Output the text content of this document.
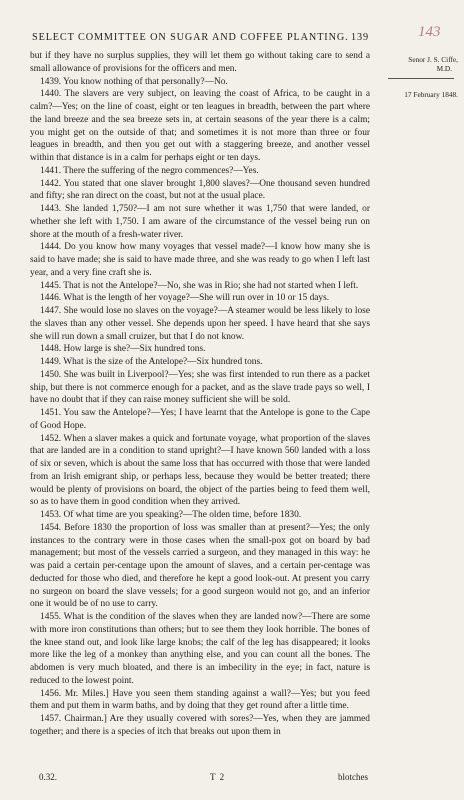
SELECT COMMITTEE ON SUGAR AND COFFEE PLANTING. 139	143
Senor J. S. Ciffe,

M.D.
17 February 1848.

but if they have no surplus supplies, they will let them go without taking care to send a small allowance of provisions for the officers and men.

1439. You know nothing of that personally?—No.

1440. The slavers are very subject, on leaving the coast of Africa, to be caught in a calm?—Yes; on the line of coast, eight or ten leagues in breadth, between the part where the land breeze and the sea breeze sets in, at certain seasons of the year there is a calm; you might get on the outside of that; and sometimes it is not more than three or four leagues in breadth, and then you get out with a staggering breeze, and another vessel within that distance is in a calm for perhaps eight or ten days.

1441. There the suffering of the negro commences?—Yes.

1442. You stated that one slaver brought 1,800 slaves?—One thousand seven hundred and fifty; she ran direct on the coast, but not at the usual place.

1443. She landed 1,750?—I am not sure whether it was 1,750 that were landed, or whether she left with 1,750. I am aware of the circumstance of the vessel being run on shore at the mouth of a fresh-water river.

1444. Do you know how many voyages that vessel made?—I know how many she is said to have made; she is said to have made three, and she was ready to go when I left last year, and a very fine craft she is.

1445. That is not the Antelope?—No, she was in Rio; she had not started when I left.

1446. What is the length of her voyage?—She will run over in 10 or 15 days.

1447. She would lose no slaves on the voyage?—A steamer would be less likely to lose the slaves than any other vessel. She depends upon her speed. I have heard that she says she will run down a small cruizer, but that I do not know.

1448. How large is she?—Six hundred tons.

1449. What is the size of the Antelope?—Six hundred tons.

1450. She was built in Liverpool?—Yes; she was first intended to run there as a packet ship, but there is not commerce enough for a packet, and as the slave trade pays so well, I have no doubt that if they can raise money sufficient she will be sold.

1451. You saw the Antelope?—Yes; I have learnt that the Antelope is gone to the Cape of Good Hope.

1452. When a slaver makes a quick and fortunate voyage, what proportion of the slaves that are landed are in a condition to stand upright?—I have known 560 landed with a loss of six or seven, which is about the same loss that has occurred with those that were landed from an Irish emigrant ship, or perhaps less, because they would be better treated; there would be plenty of provisions on board, the object of the parties being to feed them well, so as to have them in good condition when they arrived.

1453. Of what time are you speaking?—The olden time, before 1830.

1454. Before 1830 the proportion of loss was smaller than at present?—Yes; the only instances to the contrary were in those cases when the small-pox got on board by bad management; but most of the vessels carried a surgeon, and they managed in this way: he was paid a certain per-centage upon the amount of slaves, and a certain per-centage was deducted for those who died, and therefore he kept a good look-out. At present you carry no surgeon on board the slave vessels; for a good surgeon would not go, and an inferior one it would be of no use to carry.

1455. What is the condition of the slaves when they are landed now?—There are some with more iron constitutions than others; but to see them they look horrible. The bones of the knee stand out, and look like large knobs; the calf of the leg has disappeared; it looks more like the leg of a monkey than anything else, and you can count all the bones. The abdomen is very much bloated, and there is an imbecility in the eye; in fact, nature is reduced to the lowest point.

1456. Mr. Miles.] Have you seen them standing against a wall?—Yes; but you feed them and put them in warm baths, and by doing that they get round after a little time.

1457. Chairman.] Are they usually covered with sores?—Yes, when they are jammed together; and there is a species of itch that breaks out upon them in

0.32.	T 2	blotches
